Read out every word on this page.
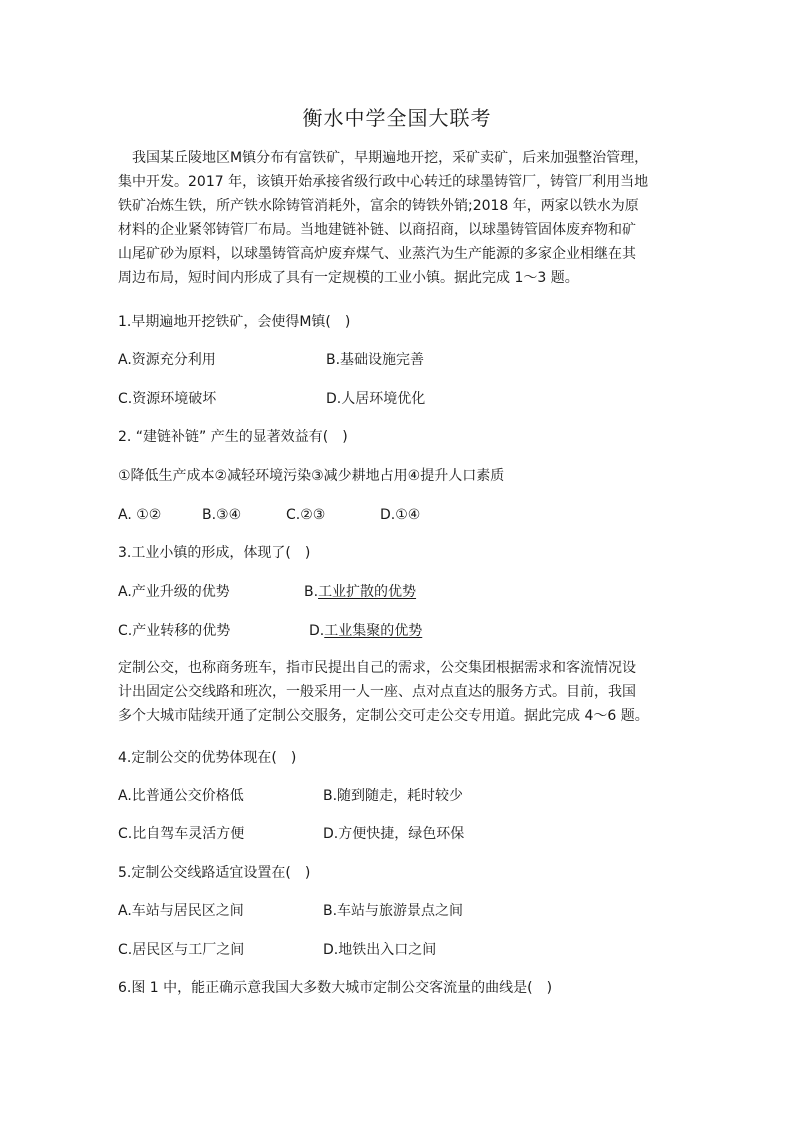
衡水中学全国大联考
我国某丘陵地区M镇分布有富铁矿，早期遍地开挖，采矿卖矿，后来加强整治管理，
集中开发。2017 年，该镇开始承接省级行政中心转迁的球墨铸管厂，铸管厂利用当地
铁矿冶炼生铁，所产铁水除铸管消耗外，富余的铸铁外销;2018 年，两家以铁水为原
材料的企业紧邻铸管厂布局。当地建链补链、以商招商，以球墨铸管固体废弃物和矿
山尾矿砂为原料，以球墨铸管高炉废弃煤气、业蒸汽为生产能源的多家企业相继在其
周边布局，短时间内形成了具有一定规模的工业小镇。据此完成 1～3 题。
1.早期遍地开挖铁矿，会使得M镇(　)
A.资源充分利用	B.基础设施完善
C.资源环境破坏	D.人居环境优化
2. “建链补链” 产生的显著效益有(　)
①降低生产成本②减轻环境污染③减少耕地占用④提升人口素质
A. ①②	B.③④	C.②③	D.①④
3.工业小镇的形成，体现了(　)
A.产业升级的优势	B.工业扩散的优势
C.产业转移的优势	D.工业集聚的优势
定制公交，也称商务班车，指市民提出自己的需求，公交集团根据需求和客流情况设
计出固定公交线路和班次，一般采用一人一座、点对点直达的服务方式。目前，我国
多个大城市陆续开通了定制公交服务，定制公交可走公交专用道。据此完成 4～6 题。
4.定制公交的优势体现在(　)
A.比普通公交价格低	B.随到随走，耗时较少
C.比自驾车灵活方便	D.方便快捷，绿色环保
5.定制公交线路适宜设置在(　)
A.车站与居民区之间	B.车站与旅游景点之间
C.居民区与工厂之间	D.地铁出入口之间
6.图 1 中，能正确示意我国大多数大城市定制公交客流量的曲线是(　)
